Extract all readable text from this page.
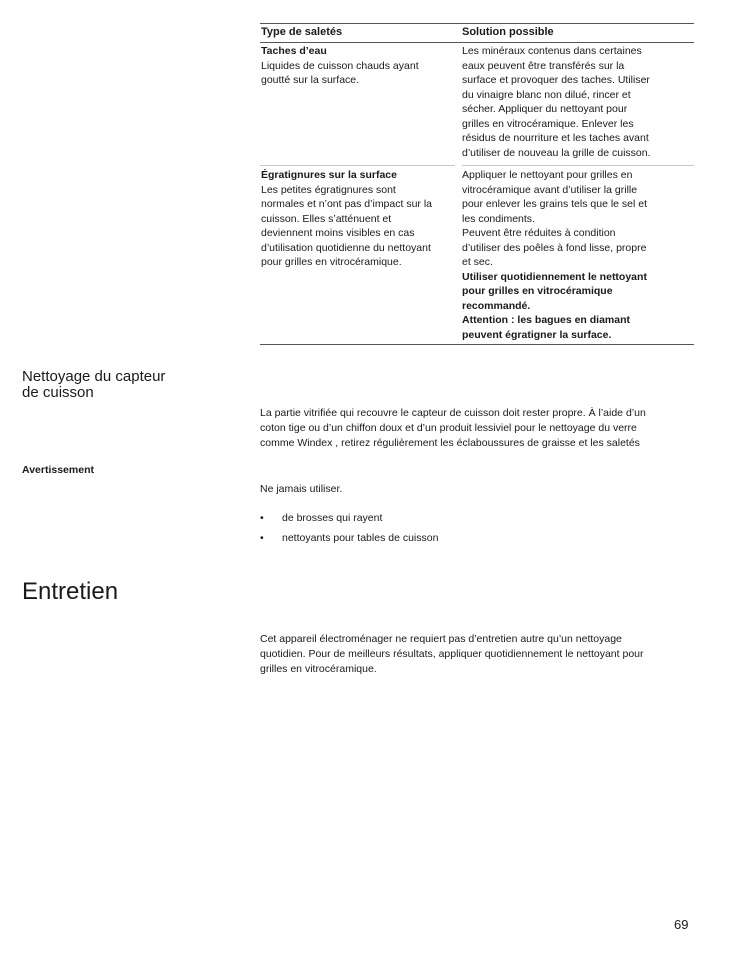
Type de saletés	Solution possible
Taches d’eau
Liquides de cuisson chauds ayant
goutté sur la surface.
Les minéraux contenus dans certaines
eaux peuvent être transférés sur la
surface et provoquer des taches. Utiliser
du vinaigre blanc non dilué, rincer et
sécher. Appliquer du nettoyant pour
grilles en vitrocéramique. Enlever les
résidus de nourriture et les taches avant
d’utiliser de nouveau la grille de cuisson.
Égratignures sur la surface
Les petites égratignures sont
normales et n’ont pas d’impact sur la
cuisson. Elles s’atténuent et
deviennent moins visibles en cas
d’utilisation quotidienne du nettoyant
pour grilles en vitrocéramique.
Appliquer le nettoyant pour grilles en
vitrocéramique avant d’utiliser la grille
pour enlever les grains tels que le sel et
les condiments.
Peuvent être réduites à condition
d’utiliser des poêles à fond lisse, propre
et sec.
Utiliser quotidiennement le nettoyant
pour grilles en vitrocéramique
recommandé.
Attention : les bagues en diamant
peuvent égratigner la surface.
Nettoyage du capteur
de cuisson
La partie vitrifiée qui recouvre le capteur de cuisson doit rester propre. À l’aide d’un
coton tige ou d’un chiffon doux et d’un produit lessiviel pour le nettoyage du verre
comme Windex , retirez régulièrement les éclaboussures de graisse et les saletés
Avertissement
Ne jamais utiliser.
• de brosses qui rayent
• nettoyants pour tables de cuisson
Entretien
Cet appareil électroménager ne requiert pas d’entretien autre qu’un nettoyage
quotidien. Pour de meilleurs résultats, appliquer quotidiennement le nettoyant pour
grilles en vitrocéramique.
69
